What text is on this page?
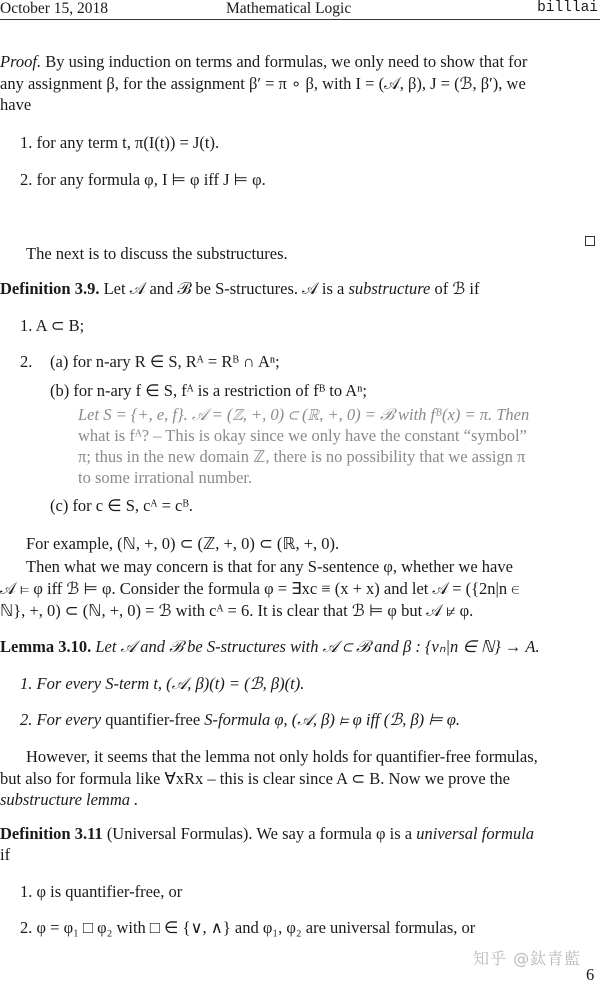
October 15, 2018	Mathematical Logic	billlai
Proof. By using induction on terms and formulas, we only need to show that for
any assignment β, for the assignment β′ = π ∘ β, with I = (𝒜, β), J = (ℬ, β′), we
have
1. for any term t, π(I(t)) = J(t).
2. for any formula φ, I ⊨ φ iff J ⊨ φ.
The next is to discuss the substructures.
Definition 3.9. Let 𝒜 and ℬ be S-structures. 𝒜 is a substructure of ℬ if
1. A ⊂ B;
2. (a) for n-ary R ∈ S, Rᴬ = Rᴮ ∩ Aⁿ;
(b) for n-ary f ∈ S, fᴬ is a restriction of fᴮ to Aⁿ;
Let S = {+, e, f}. 𝒜 = (ℤ, +, 0) ⊂ (ℝ, +, 0) = ℬ with fᴮ(x) = π. Then
what is fᴬ? – This is okay since we only have the constant “symbol”
π; thus in the new domain ℤ, there is no possibility that we assign π
to some irrational number.
(c) for c ∈ S, cᴬ = cᴮ.
For example, (ℕ, +, 0) ⊂ (ℤ, +, 0) ⊂ (ℝ, +, 0).
Then what we may concern is that for any S-sentence φ, whether we have
𝒜 ⊨ φ iff ℬ ⊨ φ. Consider the formula φ = ∃xc ≡ (x + x) and let 𝒜 = ({2n|n ∈
ℕ}, +, 0) ⊂ (ℕ, +, 0) = ℬ with cᴬ = 6. It is clear that ℬ ⊨ φ but 𝒜 ⊭ φ.
Lemma 3.10. Let 𝒜 and ℬ be S-structures with 𝒜 ⊂ ℬ and β : {vₙ|n ∈ ℕ} → A.
1. For every S-term t, (𝒜, β)(t) = (ℬ, β)(t).
2. For every quantifier-free S-formula φ, (𝒜, β) ⊨ φ iff (ℬ, β) ⊨ φ.
However, it seems that the lemma not only holds for quantifier-free formulas,
but also for formula like ∀xRx – this is clear since A ⊂ B. Now we prove the
substructure lemma .
Definition 3.11 (Universal Formulas). We say a formula φ is a universal formula
if
1. φ is quantifier-free, or
2. φ = φ₁ □ φ₂ with □ ∈ {∨, ∧} and φ₁, φ₂ are universal formulas, or
知乎 @鈦青藍
6
